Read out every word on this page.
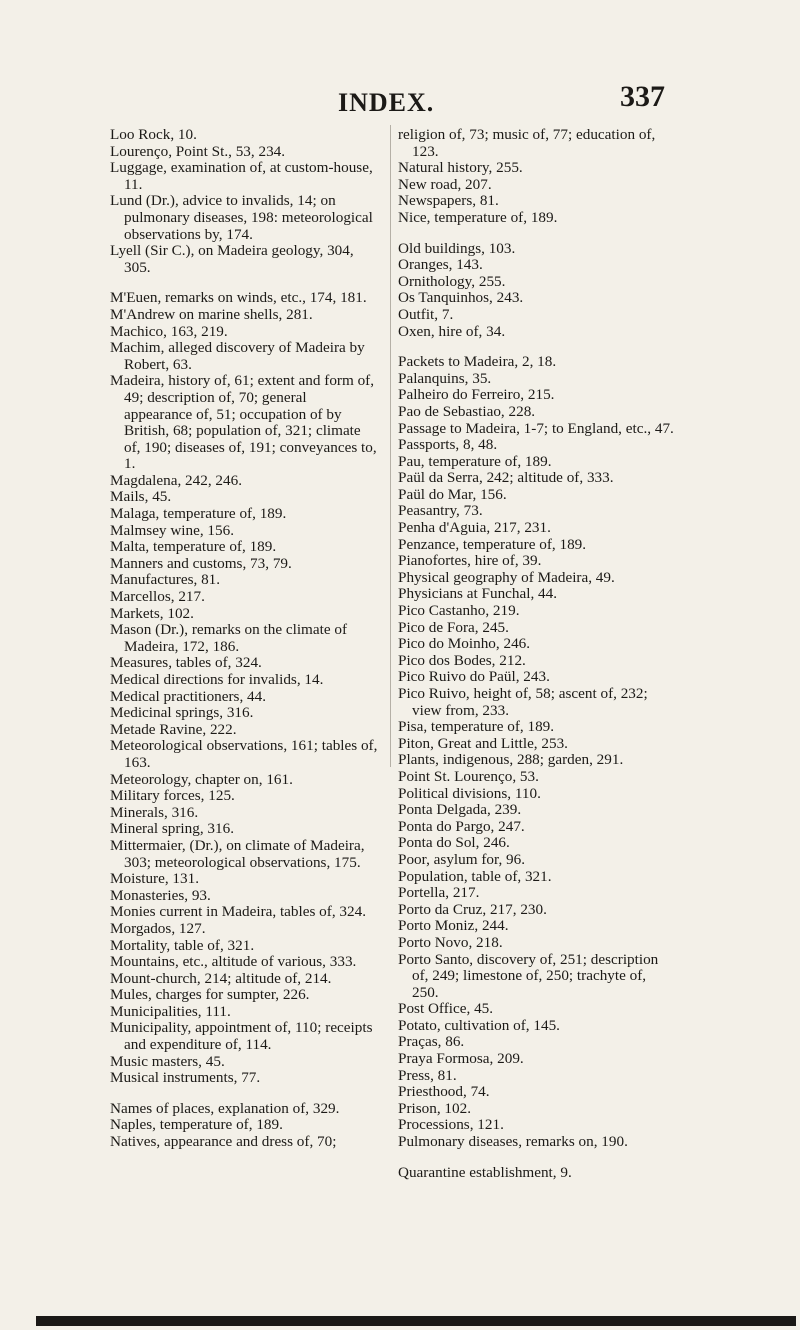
INDEX.	337

Loo Rock, 10.

Lourenço, Point St., 53, 234.

Luggage, examination of, at custom-house, 11.

Lund (Dr.), advice to invalids, 14; on pulmonary diseases, 198: meteorological observations by, 174.

Lyell (Sir C.), on Madeira geology, 304, 305.

M'Euen, remarks on winds, etc., 174, 181.

M'Andrew on marine shells, 281.

Machico, 163, 219.

Machim, alleged discovery of Madeira by Robert, 63.

Madeira, history of, 61; extent and form of, 49; description of, 70; general appearance of, 51; occupation of by British, 68; population of, 321; climate of, 190; diseases of, 191; conveyances to, 1.

Magdalena, 242, 246.

Mails, 45.

Malaga, temperature of, 189.

Malmsey wine, 156.

Malta, temperature of, 189.

Manners and customs, 73, 79.

Manufactures, 81.

Marcellos, 217.

Markets, 102.

Mason (Dr.), remarks on the climate of Madeira, 172, 186.

Measures, tables of, 324.

Medical directions for invalids, 14.

Medical practitioners, 44.

Medicinal springs, 316.

Metade Ravine, 222.

Meteorological observations, 161; tables of, 163.

Meteorology, chapter on, 161.

Military forces, 125.

Minerals, 316.

Mineral spring, 316.

Mittermaier, (Dr.), on climate of Madeira, 303; meteorological observations, 175.

Moisture, 131.

Monasteries, 93.

Monies current in Madeira, tables of, 324.

Morgados, 127.

Mortality, table of, 321.

Mountains, etc., altitude of various, 333.

Mount-church, 214; altitude of, 214.

Mules, charges for sumpter, 226.

Municipalities, 111.

Municipality, appointment of, 110; receipts and expenditure of, 114.

Music masters, 45.

Musical instruments, 77.

Names of places, explanation of, 329.

Naples, temperature of, 189.

Natives, appearance and dress of, 70;

religion of, 73; music of, 77; education of, 123.

Natural history, 255.

New road, 207.

Newspapers, 81.

Nice, temperature of, 189.

Old buildings, 103.

Oranges, 143.

Ornithology, 255.

Os Tanquinhos, 243.

Outfit, 7.

Oxen, hire of, 34.

Packets to Madeira, 2, 18.

Palanquins, 35.

Palheiro do Ferreiro, 215.

Pao de Sebastiao, 228.

Passage to Madeira, 1-7; to England, etc., 47.

Passports, 8, 48.

Pau, temperature of, 189.

Paül da Serra, 242; altitude of, 333.

Paül do Mar, 156.

Peasantry, 73.

Penha d'Aguia, 217, 231.

Penzance, temperature of, 189.

Pianofortes, hire of, 39.

Physical geography of Madeira, 49.

Physicians at Funchal, 44.

Pico Castanho, 219.

Pico de Fora, 245.

Pico do Moinho, 246.

Pico dos Bodes, 212.

Pico Ruivo do Paül, 243.

Pico Ruivo, height of, 58; ascent of, 232; view from, 233.

Pisa, temperature of, 189.

Piton, Great and Little, 253.

Plants, indigenous, 288; garden, 291.

Point St. Lourenço, 53.

Political divisions, 110.

Ponta Delgada, 239.

Ponta do Pargo, 247.

Ponta do Sol, 246.

Poor, asylum for, 96.

Population, table of, 321.

Portella, 217.

Porto da Cruz, 217, 230.

Porto Moniz, 244.

Porto Novo, 218.

Porto Santo, discovery of, 251; description of, 249; limestone of, 250; trachyte of, 250.

Post Office, 45.

Potato, cultivation of, 145.

Praças, 86.

Praya Formosa, 209.

Press, 81.

Priesthood, 74.

Prison, 102.

Processions, 121.

Pulmonary diseases, remarks on, 190.

Quarantine establishment, 9.
